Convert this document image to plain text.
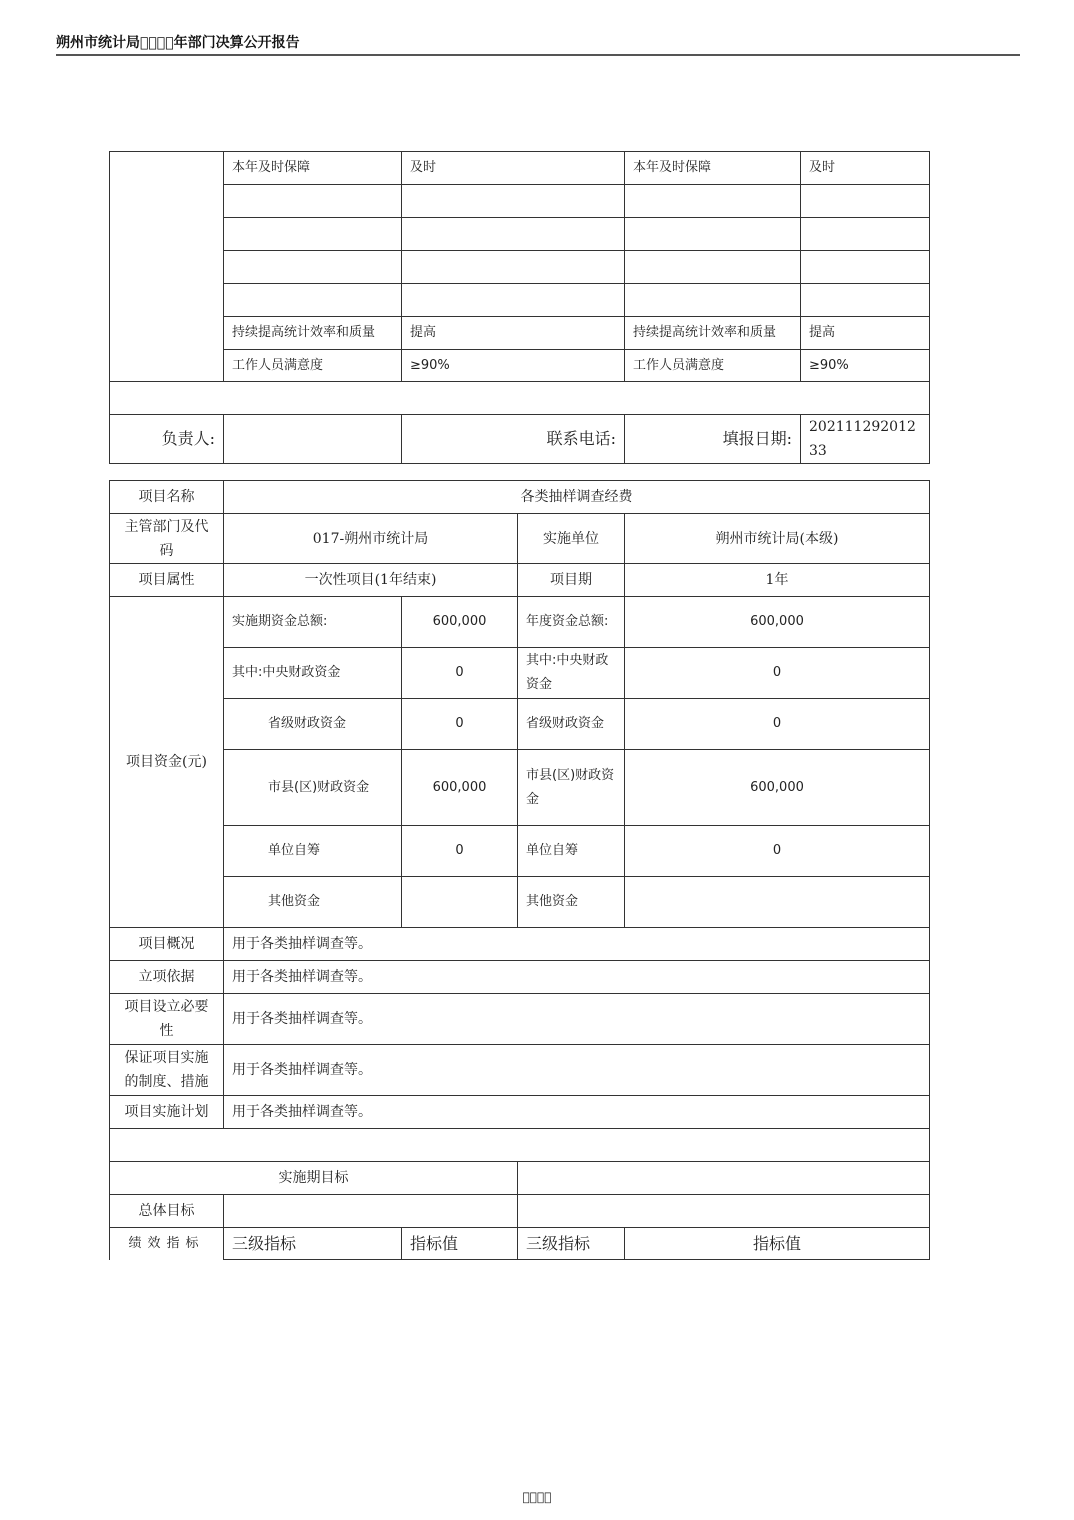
朔州市统计局    年部门决算公开报告
	本年及时保障	及时	本年及时保障	及时

	持续提高统计效率和质量	提高	持续提高统计效率和质量	提高
	工作人员满意度	≥90%	工作人员满意度	≥90%

负责人:		联系电话:	填报日期:	20211129201233
项目名称	各类抽样调查经费			
主管部门及代码	017-朔州市统计局		实施单位	朔州市统计局(本级)
项目属性	一次性项目(1年结束)		项目期	1年
项目资金(元)	实施期资金总额:	600,000	年度资金总额:	600,000
	其中:中央财政资金	0	其中:中央财政资金	0
	省级财政资金	0	省级财政资金	0
	市县(区)财政资金	600,000	市县(区)财政资金	600,000
	单位自筹	0	单位自筹	0
	其他资金		其他资金	
项目概况	用于各类抽样调查等。			
立项依据	用于各类抽样调查等。			
项目设立必要性	用于各类抽样调查等。			
保证项目实施的制度、措施	用于各类抽样调查等。			
项目实施计划	用于各类抽样调查等。			

实施期目标				
总体目标				
绩效指标	三级指标	指标值	三级指标	指标值
    
